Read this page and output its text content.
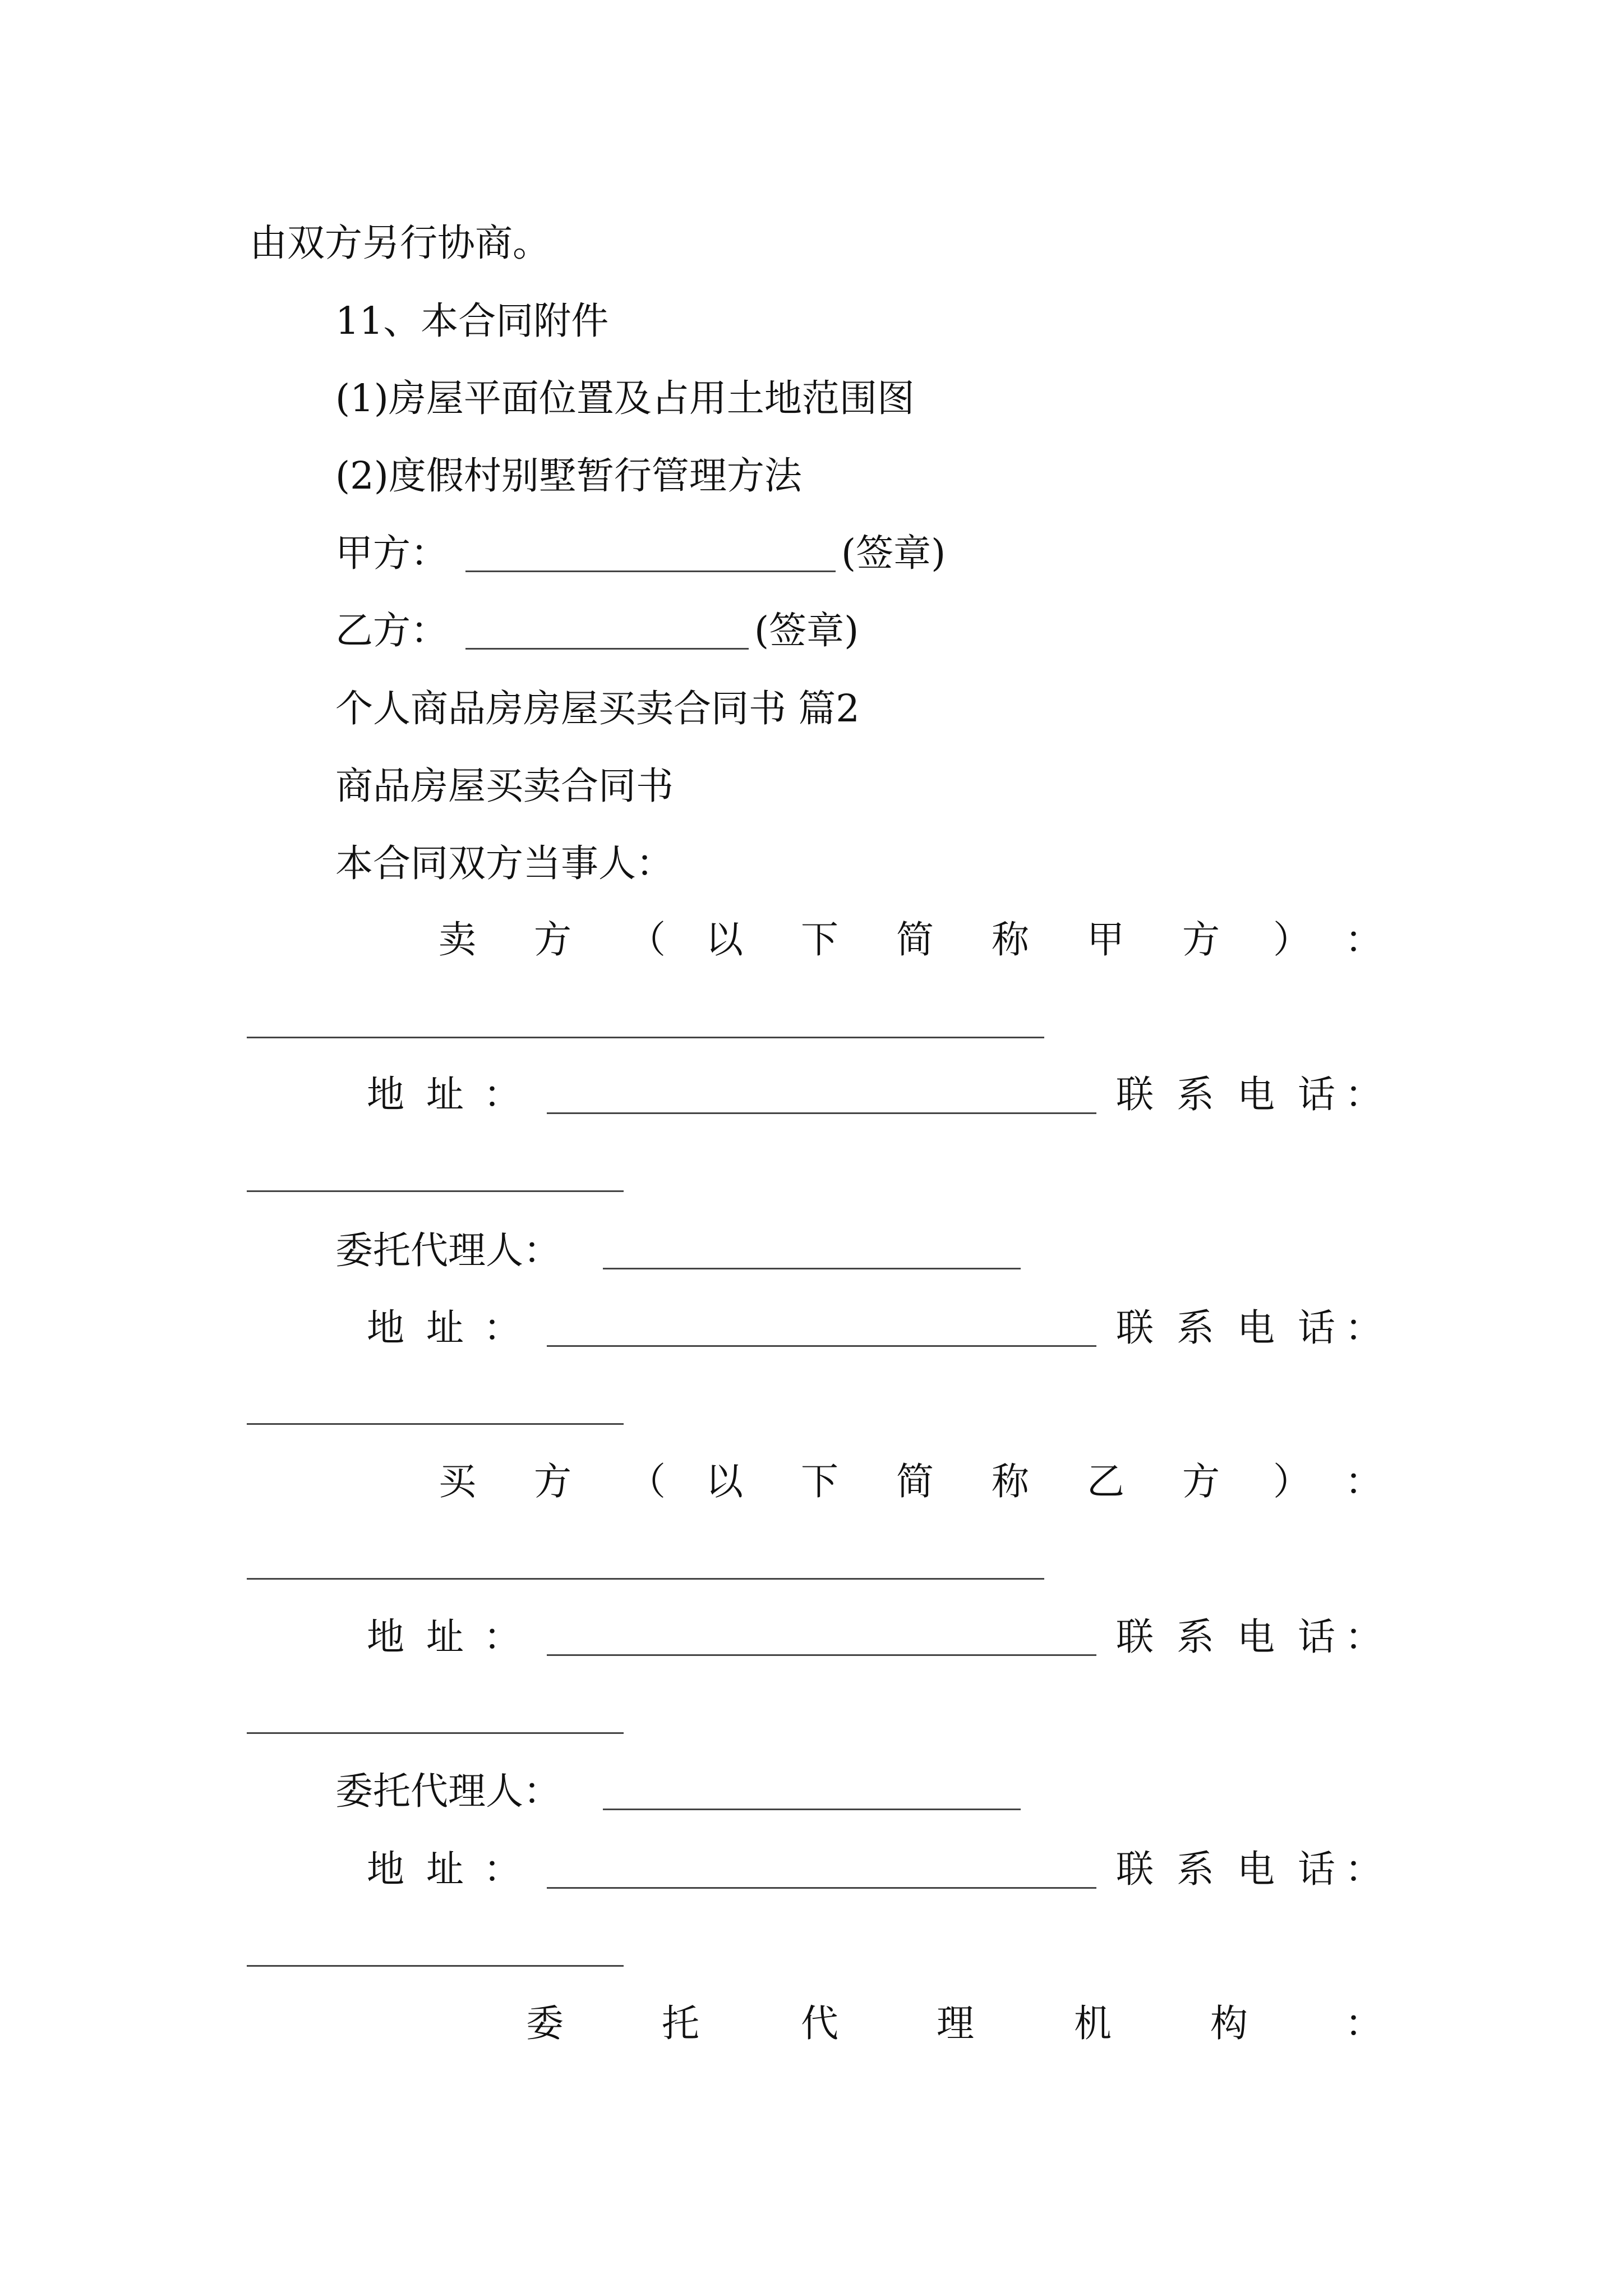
由双方另行协商。
11、本合同附件
(1)房屋平面位置及占用土地范围图
(2)度假村别墅暂行管理方法
甲方：	(签章)
乙方：	(签章)
个人商品房房屋买卖合同书 篇2
商品房屋买卖合同书
本合同双方当事人：
卖 方 （ 以 下 简 称 甲 方 ） ：
地 址 ：	联 系 电 话 ：
委托代理人：
地 址 ：	联 系 电 话 ：
买 方 （ 以 下 简 称 乙 方 ） ：
地 址 ：	联 系 电 话 ：
委托代理人：
地 址 ：	联 系 电 话 ：
委	托	代	理	机	构	：
